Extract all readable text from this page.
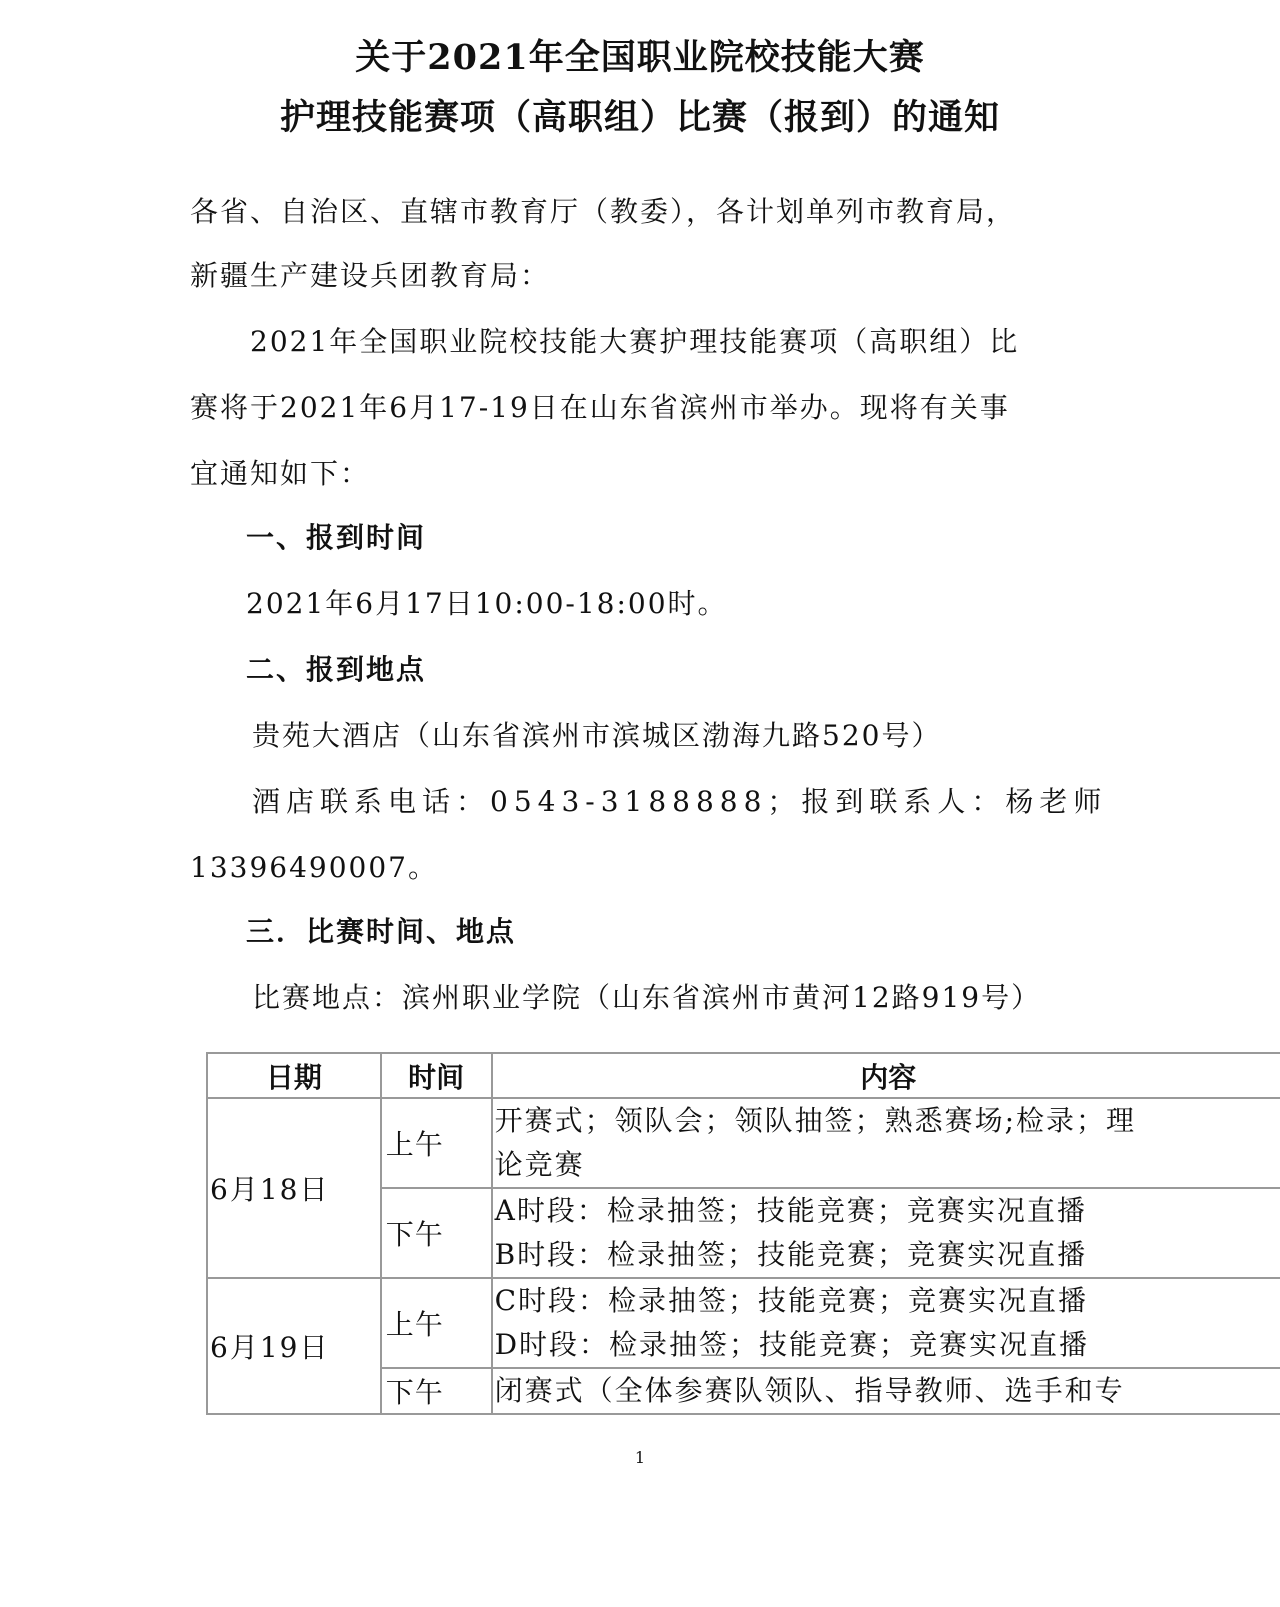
关于2021年全国职业院校技能大赛
护理技能赛项（高职组）比赛（报到）的通知
各省、自治区、直辖市教育厅（教委），各计划单列市教育局，
新疆生产建设兵团教育局：
2021年全国职业院校技能大赛护理技能赛项（高职组）比
赛将于2021年6月17-19日在山东省滨州市举办。现将有关事
宜通知如下：
一、报到时间
2021年6月17日10:00-18:00时。
二、报到地点
贵苑大酒店（山东省滨州市滨城区渤海九路520号）
酒店联系电话：0543-3188888；报到联系人：杨老师
13396490007。
三．比赛时间、地点
比赛地点：滨州职业学院（山东省滨州市黄河12路919号）
日期	时间	内容
6月18日	上午	开赛式；领队会；领队抽签；熟悉赛场;检录；理
论竞赛

	下午	A时段：检录抽签；技能竞赛；竞赛实况直播
B时段：检录抽签；技能竞赛；竞赛实况直播

6月19日	上午	C时段：检录抽签；技能竞赛；竞赛实况直播
D时段：检录抽签；技能竞赛；竞赛实况直播

	下午	闭赛式（全体参赛队领队、指导教师、选手和专
1
